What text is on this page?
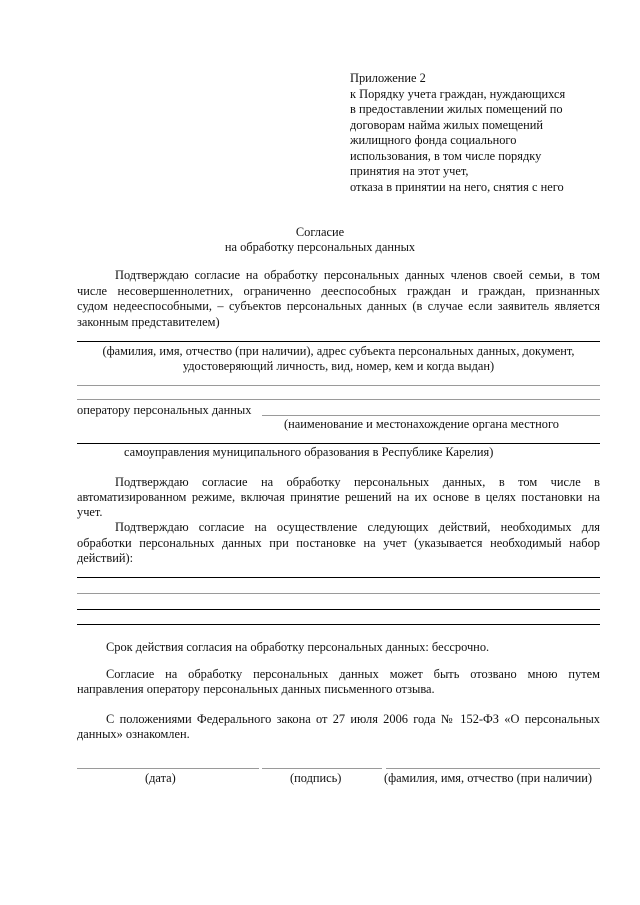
Приложение 2
к Порядку учета граждан, нуждающихся
в предоставлении жилых помещений по
договорам найма жилых помещений
жилищного фонда социального
использования, в том числе порядку
принятия на этот учет,
отказа в принятии на него, снятия с него
Согласие
на обработку персональных данных
Подтверждаю согласие на обработку персональных данных членов своей семьи, в том
числе несовершеннолетних, ограниченно дееспособных граждан и граждан, признанных
судом недееспособными, – субъектов персональных данных (в случае если заявитель является
законным представителем)
(фамилия, имя, отчество (при наличии), адрес субъекта персональных данных, документ,
удостоверяющий личность, вид, номер, кем и когда выдан)
оператору персональных данных
(наименование и местонахождение органа местного
самоуправления муниципального образования в Республике Карелия)
Подтверждаю согласие на обработку персональных данных, в том числе в
автоматизированном режиме, включая принятие решений на их основе в целях постановки на
учет.
Подтверждаю согласие на осуществление следующих действий, необходимых для
обработки персональных данных при постановке на учет (указывается необходимый набор
действий):
Срок действия согласия на обработку персональных данных: бессрочно.
Согласие на обработку персональных данных может быть отозвано мною путем
направления оператору персональных данных письменного отзыва.
С положениями Федерального закона от 27 июля 2006 года № 152-ФЗ «О персональных
данных» ознакомлен.
(дата)	(подпись)	(фамилия, имя, отчество (при наличии)
